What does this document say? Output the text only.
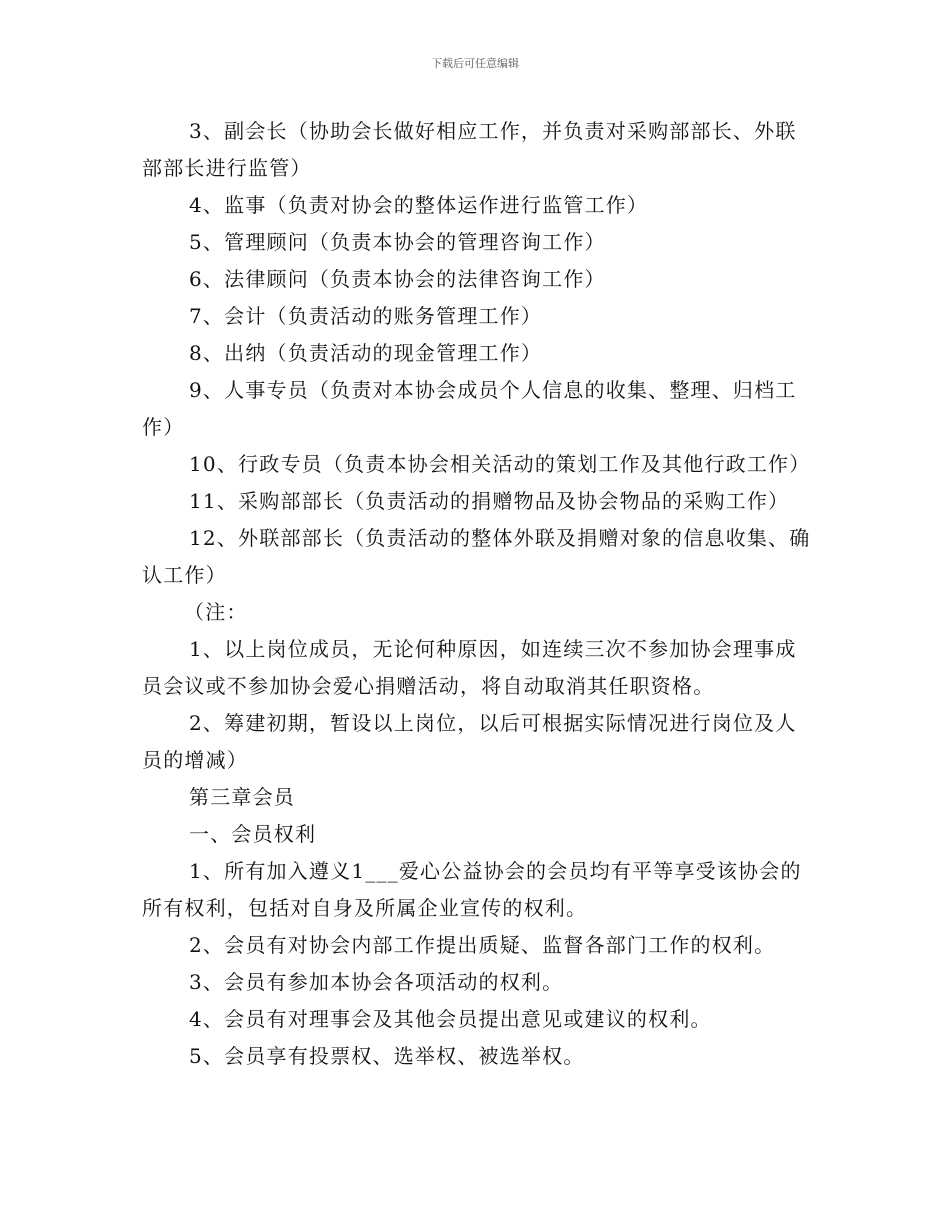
下载后可任意编辑

3、副会长（协助会长做好相应工作，并负责对采购部部长、外联部部长进行监管）

4、监事（负责对协会的整体运作进行监管工作）

5、管理顾问（负责本协会的管理咨询工作）

6、法律顾问（负责本协会的法律咨询工作）

7、会计（负责活动的账务管理工作）

8、出纳（负责活动的现金管理工作）

9、人事专员（负责对本协会成员个人信息的收集、整理、归档工作）

10、行政专员（负责本协会相关活动的策划工作及其他行政工作）

11、采购部部长（负责活动的捐赠物品及协会物品的采购工作）

12、外联部部长（负责活动的整体外联及捐赠对象的信息收集、确认工作）

（注：

1、以上岗位成员，无论何种原因，如连续三次不参加协会理事成员会议或不参加协会爱心捐赠活动，将自动取消其任职资格。

2、筹建初期，暂设以上岗位，以后可根据实际情况进行岗位及人员的增减）

第三章会员

一、会员权利

1、所有加入遵义1___爱心公益协会的会员均有平等享受该协会的所有权利，包括对自身及所属企业宣传的权利。

2、会员有对协会内部工作提出质疑、监督各部门工作的权利。

3、会员有参加本协会各项活动的权利。

4、会员有对理事会及其他会员提出意见或建议的权利。

5、会员享有投票权、选举权、被选举权。
